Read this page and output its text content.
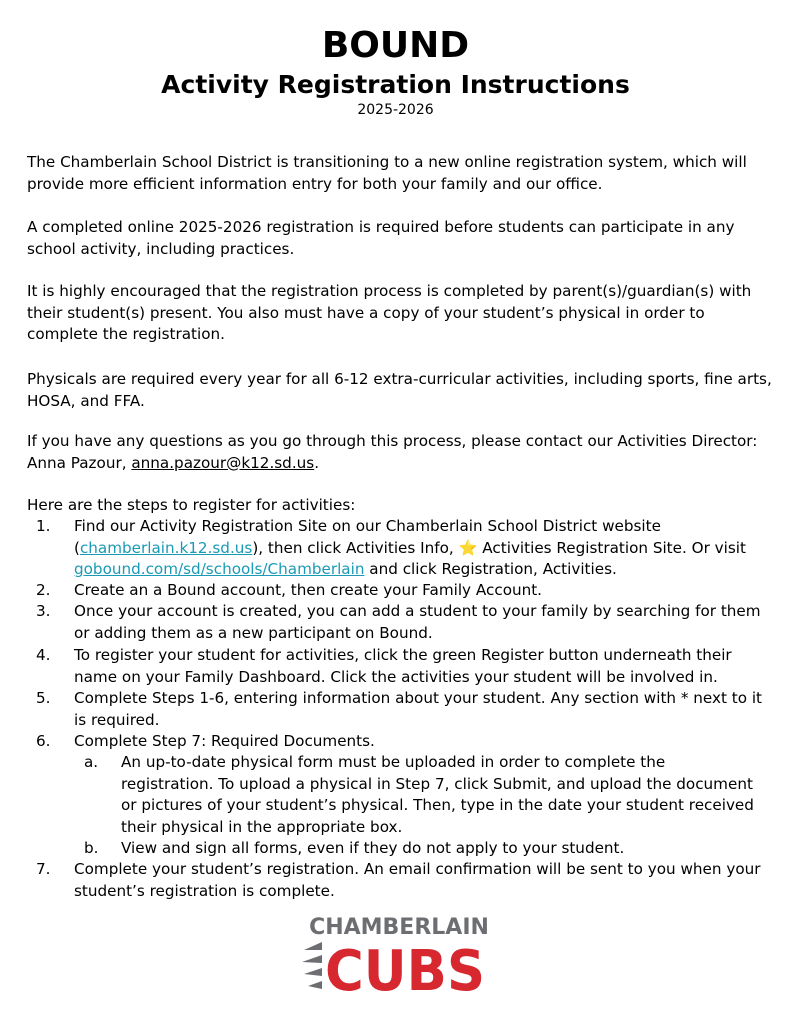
BOUND
Activity Registration Instructions
2025-2026

The Chamberlain School District is transitioning to a new online registration system, which will provide more efficient information entry for both your family and our office.

A completed online 2025-2026 registration is required before students can participate in any school activity, including practices.

It is highly encouraged that the registration process is completed by parent(s)/guardian(s) with their student(s) present. You also must have a copy of your student’s physical in order to complete the registration.

Physicals are required every year for all 6-12 extra-curricular activities, including sports, fine arts, HOSA, and FFA.

If you have any questions as you go through this process, please contact our Activities Director: Anna Pazour, anna.pazour@k12.sd.us.

Here are the steps to register for activities:

1.	Find our Activity Registration Site on our Chamberlain School District website (chamberlain.k12.sd.us), then click Activities Info, ⭐ Activities Registration Site. Or visit gobound.com/sd/schools/Chamberlain and click Registration, Activities.
2.	Create an a Bound account, then create your Family Account.
3.	Once your account is created, you can add a student to your family by searching for them or adding them as a new participant on Bound.
4.	To register your student for activities, click the green Register button underneath their name on your Family Dashboard. Click the activities your student will be involved in.
5.	Complete Steps 1-6, entering information about your student. Any section with * next to it is required.
6.	Complete Step 7: Required Documents.
a.	An up-to-date physical form must be uploaded in order to complete the registration. To upload a physical in Step 7, click Submit, and upload the document or pictures of your student’s physical. Then, type in the date your student received their physical in the appropriate box.
b.	View and sign all forms, even if they do not apply to your student.
7.	Complete your student’s registration. An email confirmation will be sent to you when your student’s registration is complete.
CHAMBERLAIN
CUBS
